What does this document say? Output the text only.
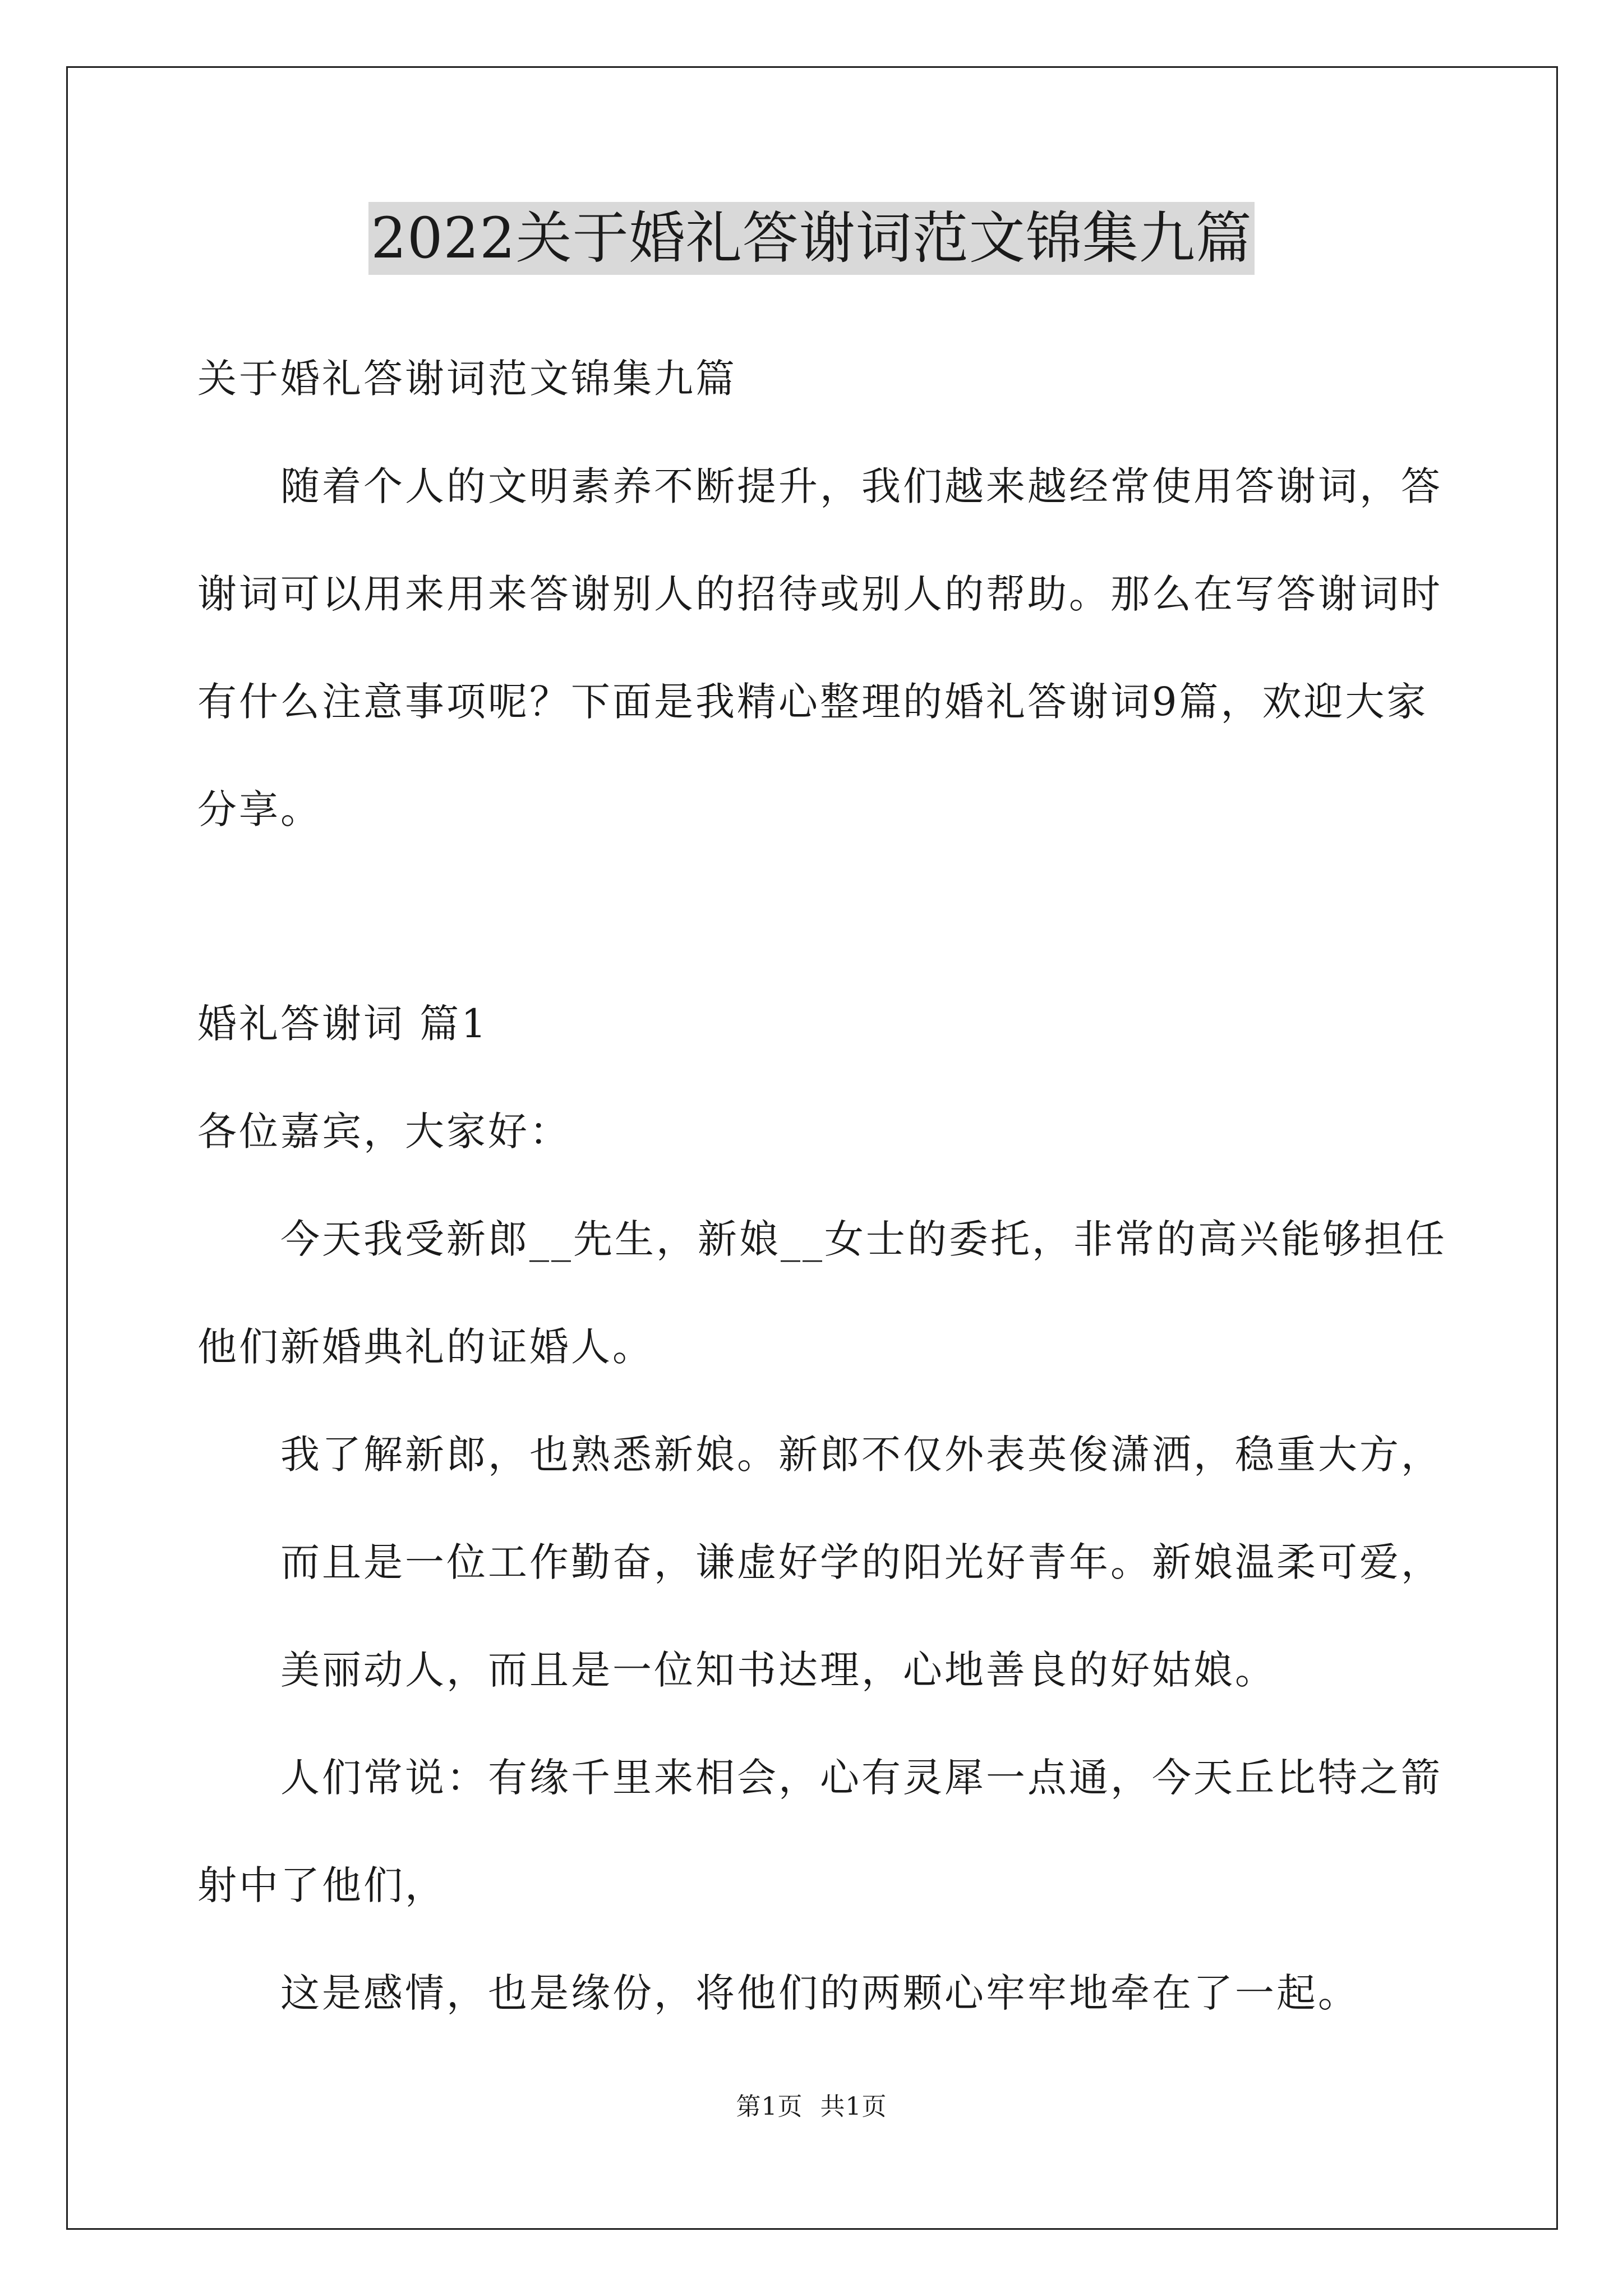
2022关于婚礼答谢词范文锦集九篇
关于婚礼答谢词范文锦集九篇
随着个人的文明素养不断提升，我们越来越经常使用答谢词，答
谢词可以用来用来答谢别人的招待或别人的帮助。那么在写答谢词时
有什么注意事项呢？下面是我精心整理的婚礼答谢词9篇，欢迎大家
分享。
婚礼答谢词 篇1
各位嘉宾，大家好：
今天我受新郎__先生，新娘__女士的委托，非常的高兴能够担任
他们新婚典礼的证婚人。
我了解新郎，也熟悉新娘。新郎不仅外表英俊潇洒，稳重大方，
而且是一位工作勤奋，谦虚好学的阳光好青年。新娘温柔可爱，
美丽动人，而且是一位知书达理，心地善良的好姑娘。
人们常说：有缘千里来相会，心有灵犀一点通，今天丘比特之箭
射中了他们，
这是感情，也是缘份，将他们的两颗心牢牢地牵在了一起。
第1页 共1页
